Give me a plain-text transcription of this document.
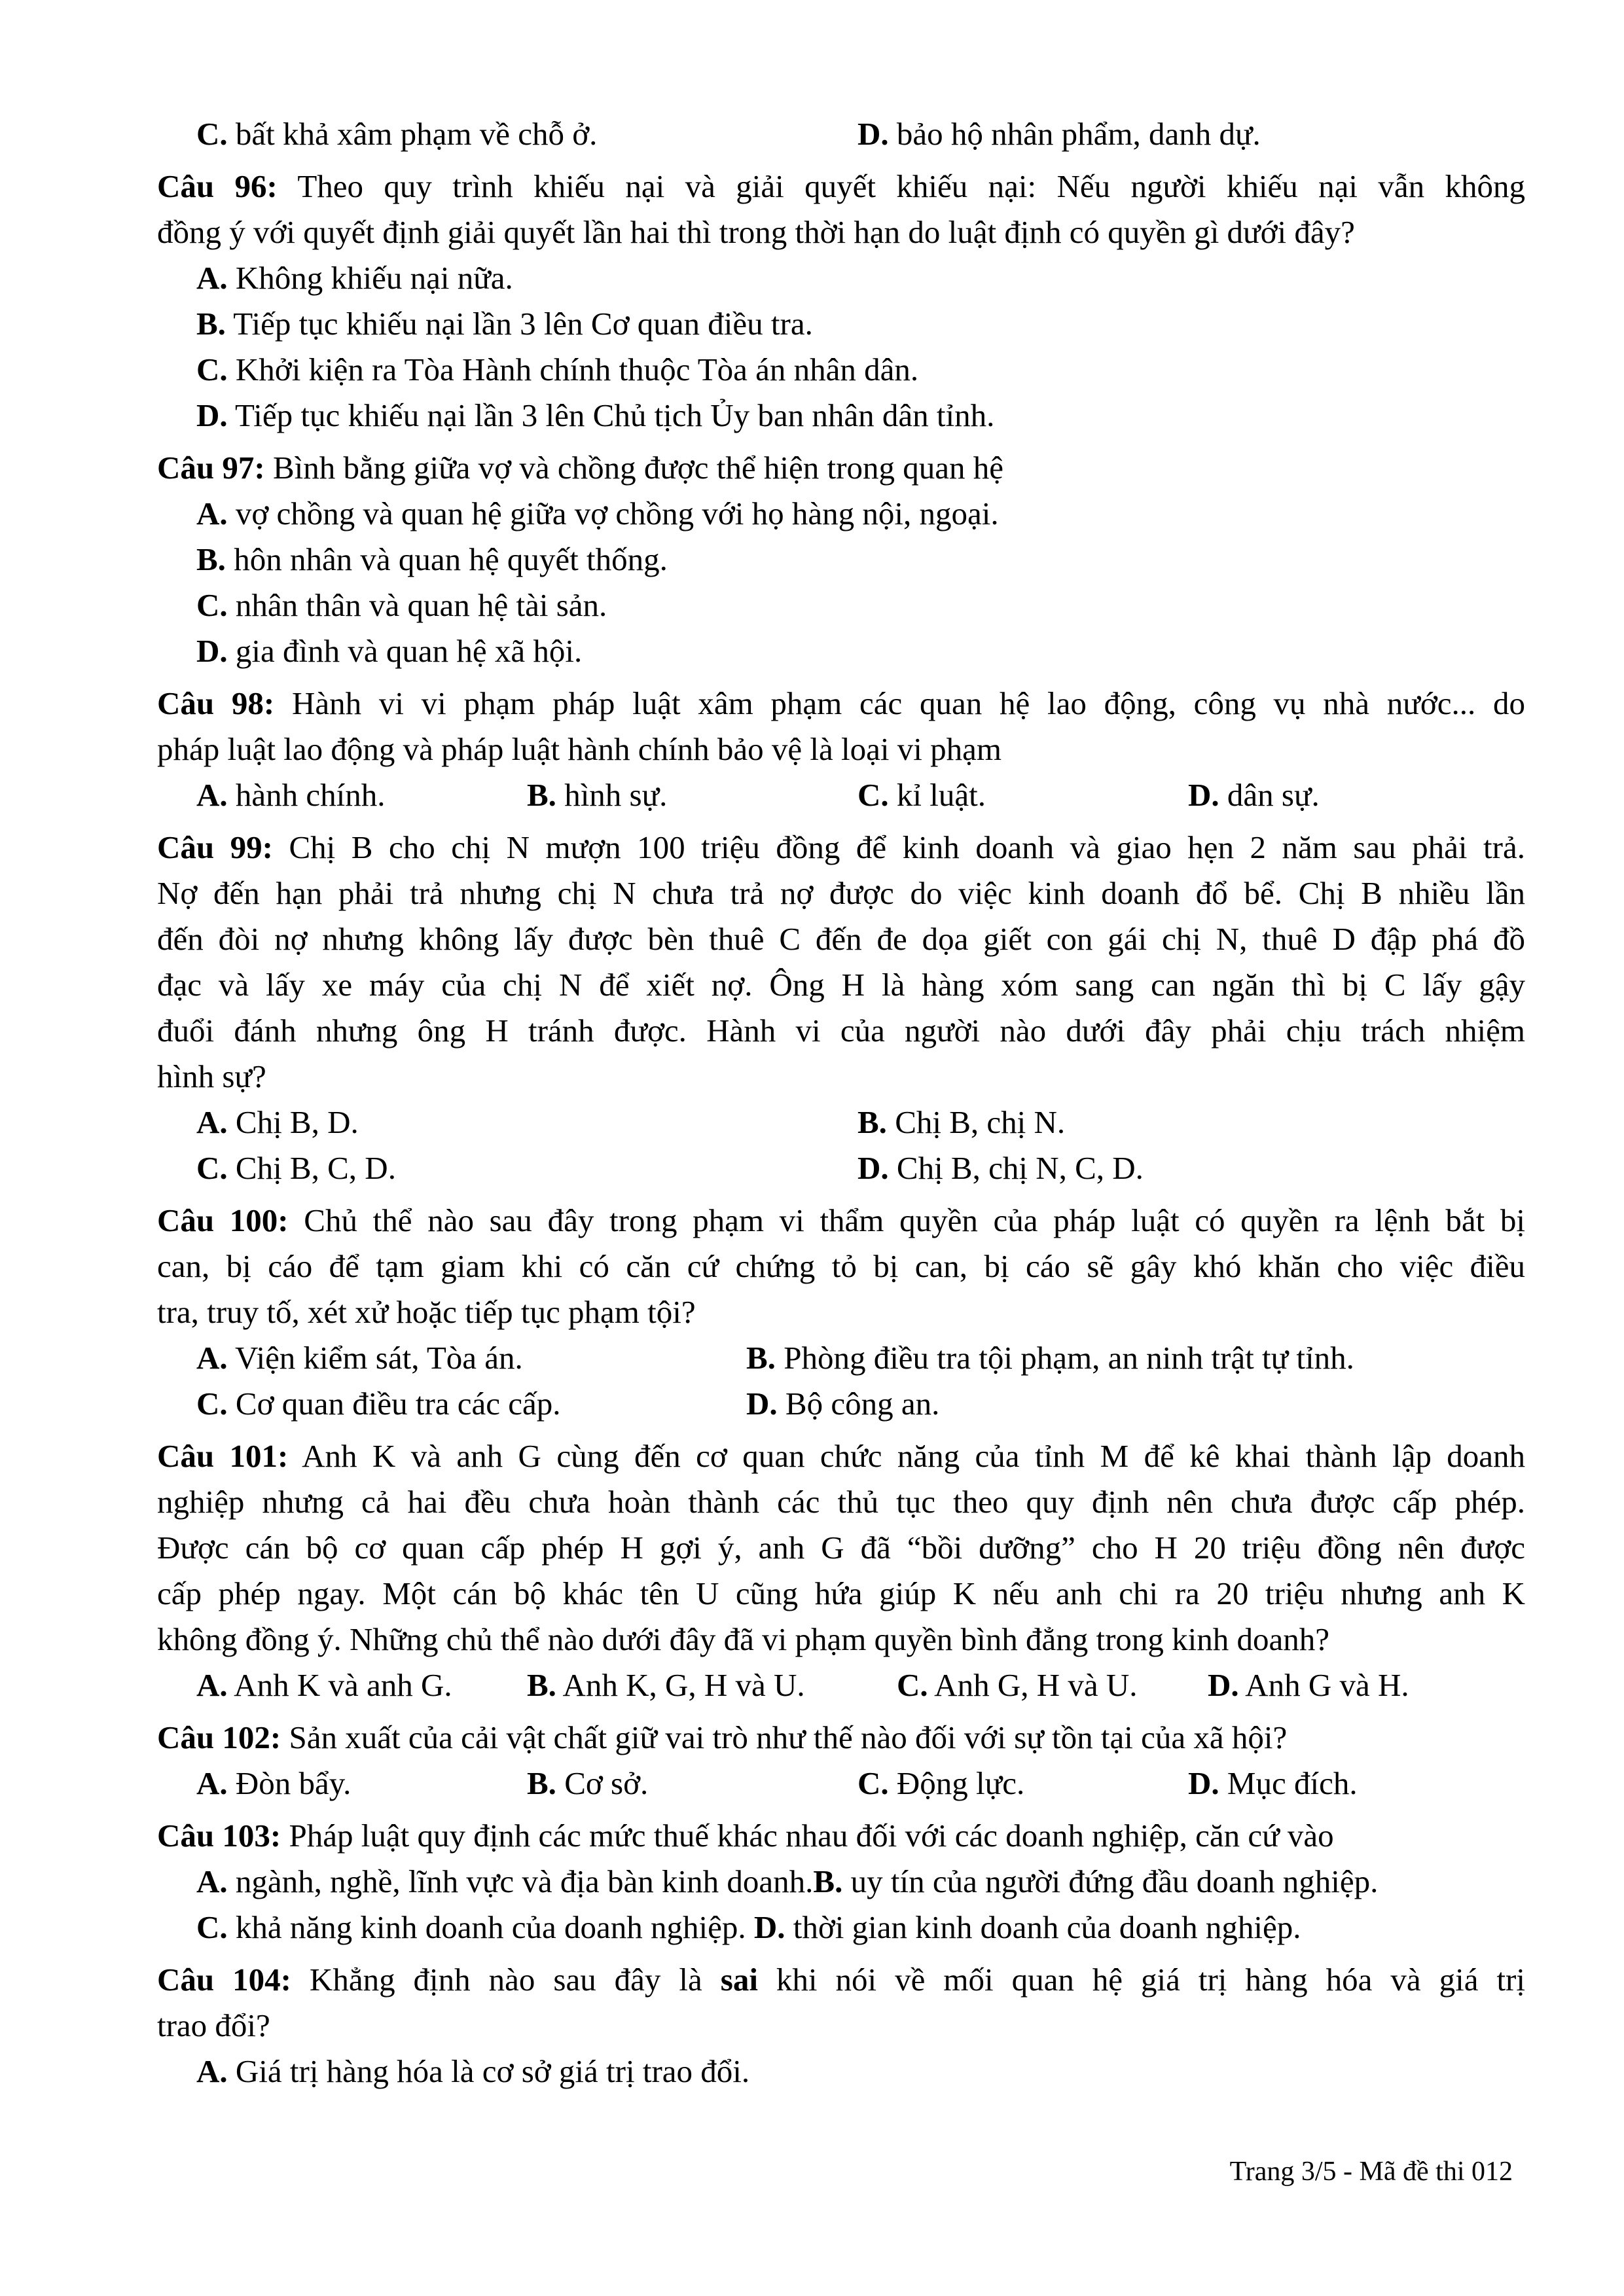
C. bất khả xâm phạm về chỗ ở.	D. bảo hộ nhân phẩm, danh dự.
Câu 96: Theo quy trình khiếu nại và giải quyết khiếu nại: Nếu người khiếu nại vẫn không
đồng ý với quyết định giải quyết lần hai thì trong thời hạn do luật định có quyền gì dưới đây?
A. Không khiếu nại nữa.
B. Tiếp tục khiếu nại lần 3 lên Cơ quan điều tra.
C. Khởi kiện ra Tòa Hành chính thuộc Tòa án nhân dân.
D. Tiếp tục khiếu nại lần 3 lên Chủ tịch Ủy ban nhân dân tỉnh.
Câu 97: Bình bằng giữa vợ và chồng được thể hiện trong quan hệ
A. vợ chồng và quan hệ giữa vợ chồng với họ hàng nội, ngoại.
B. hôn nhân và quan hệ quyết thống.
C. nhân thân và quan hệ tài sản.
D. gia đình và quan hệ xã hội.
Câu 98: Hành vi vi phạm pháp luật xâm phạm các quan hệ lao động, công vụ nhà nước... do
pháp luật lao động và pháp luật hành chính bảo vệ là loại vi phạm
A. hành chính.	B. hình sự.	C. kỉ luật.	D. dân sự.
Câu 99: Chị B cho chị N mượn 100 triệu đồng để kinh doanh và giao hẹn 2 năm sau phải trả.
Nợ đến hạn phải trả nhưng chị N chưa trả nợ được do việc kinh doanh đổ bể. Chị B nhiều lần
đến đòi nợ nhưng không lấy được bèn thuê C đến đe dọa giết con gái chị N, thuê D đập phá đồ
đạc và lấy xe máy của chị N để xiết nợ. Ông H là hàng xóm sang can ngăn thì bị C lấy gậy
đuổi đánh nhưng ông H tránh được. Hành vi của người nào dưới đây phải chịu trách nhiệm
hình sự?
A. Chị B, D.	B. Chị B, chị N.
C. Chị B, C, D.	D. Chị B, chị N, C, D.
Câu 100: Chủ thể nào sau đây trong phạm vi thẩm quyền của pháp luật có quyền ra lệnh bắt bị
can, bị cáo để tạm giam khi có căn cứ chứng tỏ bị can, bị cáo sẽ gây khó khăn cho việc điều
tra, truy tố, xét xử hoặc tiếp tục phạm tội?
A. Viện kiểm sát, Tòa án.	B. Phòng điều tra tội phạm, an ninh trật tự tỉnh.
C. Cơ quan điều tra các cấp.	D. Bộ công an.
Câu 101: Anh K và anh G cùng đến cơ quan chức năng của tỉnh M để kê khai thành lập doanh
nghiệp nhưng cả hai đều chưa hoàn thành các thủ tục theo quy định nên chưa được cấp phép.
Được cán bộ cơ quan cấp phép H gợi ý, anh G đã “bồi dưỡng” cho H 20 triệu đồng nên được
cấp phép ngay. Một cán bộ khác tên U cũng hứa giúp K nếu anh chi ra 20 triệu nhưng anh K
không đồng ý. Những chủ thể nào dưới đây đã vi phạm quyền bình đẳng trong kinh doanh?
A. Anh K và anh G.	B. Anh K, G, H và U.	C. Anh G, H và U.	D. Anh G và H.
Câu 102: Sản xuất của cải vật chất giữ vai trò như thế nào đối với sự tồn tại của xã hội?
A. Đòn bẩy.	B. Cơ sở.	C. Động lực.	D. Mục đích.
Câu 103: Pháp luật quy định các mức thuế khác nhau đối với các doanh nghiệp, căn cứ vào
A. ngành, nghề, lĩnh vực và địa bàn kinh doanh.B. uy tín của người đứng đầu doanh nghiệp.
C. khả năng kinh doanh của doanh nghiệp. D. thời gian kinh doanh của doanh nghiệp.
Câu 104: Khẳng định nào sau đây là sai khi nói về mối quan hệ giá trị hàng hóa và giá trị
trao đổi?
A. Giá trị hàng hóa là cơ sở giá trị trao đổi.
Trang 3/5 - Mã đề thi 012
